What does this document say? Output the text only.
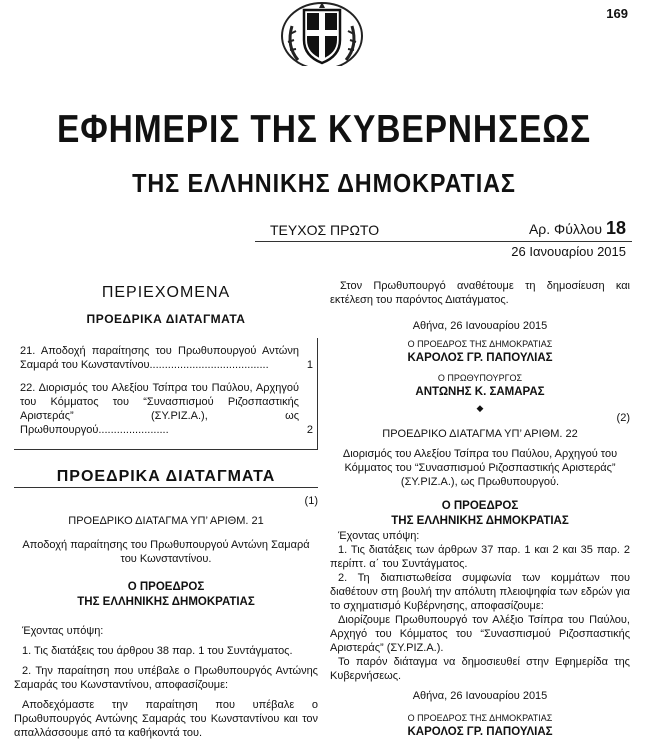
169
ΕΦΗΜΕΡΙΣ ΤΗΣ ΚΥΒΕΡΝΗΣΕΩΣ
ΤΗΣ ΕΛΛΗΝΙΚΗΣ ΔΗΜΟΚΡΑΤΙΑΣ
ΤΕΥΧΟΣ ΠΡΩΤΟ	Αρ. Φύλλου 18
26 Ιανουαρίου 2015
ΠΕΡΙΕΧΟΜΕΝΑ
ΠΡΟΕΔΡΙΚΑ ΔΙΑΤΑΓΜΑΤΑ
21. Αποδοχή παραίτησης του Πρωθυπουργού Αντώνη Σαμαρά του Κωνσταντίνου.......................................	1
22. Διορισμός του Αλεξίου Τσίπρα του Παύλου, Αρχηγού του Κόμματος του “Συνασπισμού Ριζοσπαστικής Αριστεράς” (ΣΥ.ΡΙΖ.Α.), ως Πρωθυπουργού.......................	2
ΠΡΟΕΔΡΙΚΑ ΔΙΑΤΑΓΜΑΤΑ
(1)
ΠΡΟΕΔΡΙΚΟ ΔΙΑΤΑΓΜΑ ΥΠ’ ΑΡΙΘΜ. 21
Αποδοχή παραίτησης του Πρωθυπουργού Αντώνη Σαμαρά του Κωνσταντίνου.
Ο ΠΡΟΕΔΡΟΣ
ΤΗΣ ΕΛΛΗΝΙΚΗΣ ΔΗΜΟΚΡΑΤΙΑΣ

Έχοντας υπόψη:

1. Τις διατάξεις του άρθρου 38 παρ. 1 του Συντάγματος.

2. Την παραίτηση που υπέβαλε ο Πρωθυπουργός Αντώνης Σαμαράς του Κωνσταντίνου, αποφασίζουμε:

Αποδεχόμαστε την παραίτηση που υπέβαλε ο Πρωθυπουργός Αντώνης Σαμαράς του Κωνσταντίνου και τον απαλλάσσουμε από τα καθήκοντά του.

Στον Πρωθυπουργό αναθέτουμε τη δημοσίευση και εκτέλεση του παρόντος Διατάγματος.

Αθήνα, 26 Ιανουαρίου 2015
Ο ΠΡΟΕΔΡΟΣ ΤΗΣ ΔΗΜΟΚΡΑΤΙΑΣ
ΚΑΡΟΛΟΣ ΓΡ. ΠΑΠΟΥΛΙΑΣ
Ο ΠΡΩΘΥΠΟΥΡΓΟΣ
ΑΝΤΩΝΗΣ Κ. ΣΑΜΑΡΑΣ
◆
(2)
ΠΡΟΕΔΡΙΚΟ ΔΙΑΤΑΓΜΑ ΥΠ’ ΑΡΙΘΜ. 22
Διορισμός του Αλεξίου Τσίπρα του Παύλου, Αρχηγού του Κόμματος του “Συνασπισμού Ριζοσπαστικής Αριστεράς” (ΣΥ.ΡΙΖ.Α.), ως Πρωθυπουργού.
Ο ΠΡΟΕΔΡΟΣ
ΤΗΣ ΕΛΛΗΝΙΚΗΣ ΔΗΜΟΚΡΑΤΙΑΣ

Έχοντας υπόψη:

1. Τις διατάξεις των άρθρων 37 παρ. 1 και 2 και 35 παρ. 2 περίπτ. α΄ του Συντάγματος.

2. Τη διαπιστωθείσα συμφωνία των κομμάτων που διαθέτουν στη βουλή την απόλυτη πλειοψηφία των εδρών για το σχηματισμό Κυβέρνησης, αποφασίζουμε:

Διορίζουμε Πρωθυπουργό τον Αλέξιο Τσίπρα του Παύλου, Αρχηγό του Κόμματος του “Συνασπισμού Ριζοσπαστικής Αριστεράς” (ΣΥ.ΡΙΖ.Α.).

Το παρόν διάταγμα να δημοσιευθεί στην Εφημερίδα της Κυβερνήσεως.

Αθήνα, 26 Ιανουαρίου 2015
Ο ΠΡΟΕΔΡΟΣ ΤΗΣ ΔΗΜΟΚΡΑΤΙΑΣ
ΚΑΡΟΛΟΣ ΓΡ. ΠΑΠΟΥΛΙΑΣ
